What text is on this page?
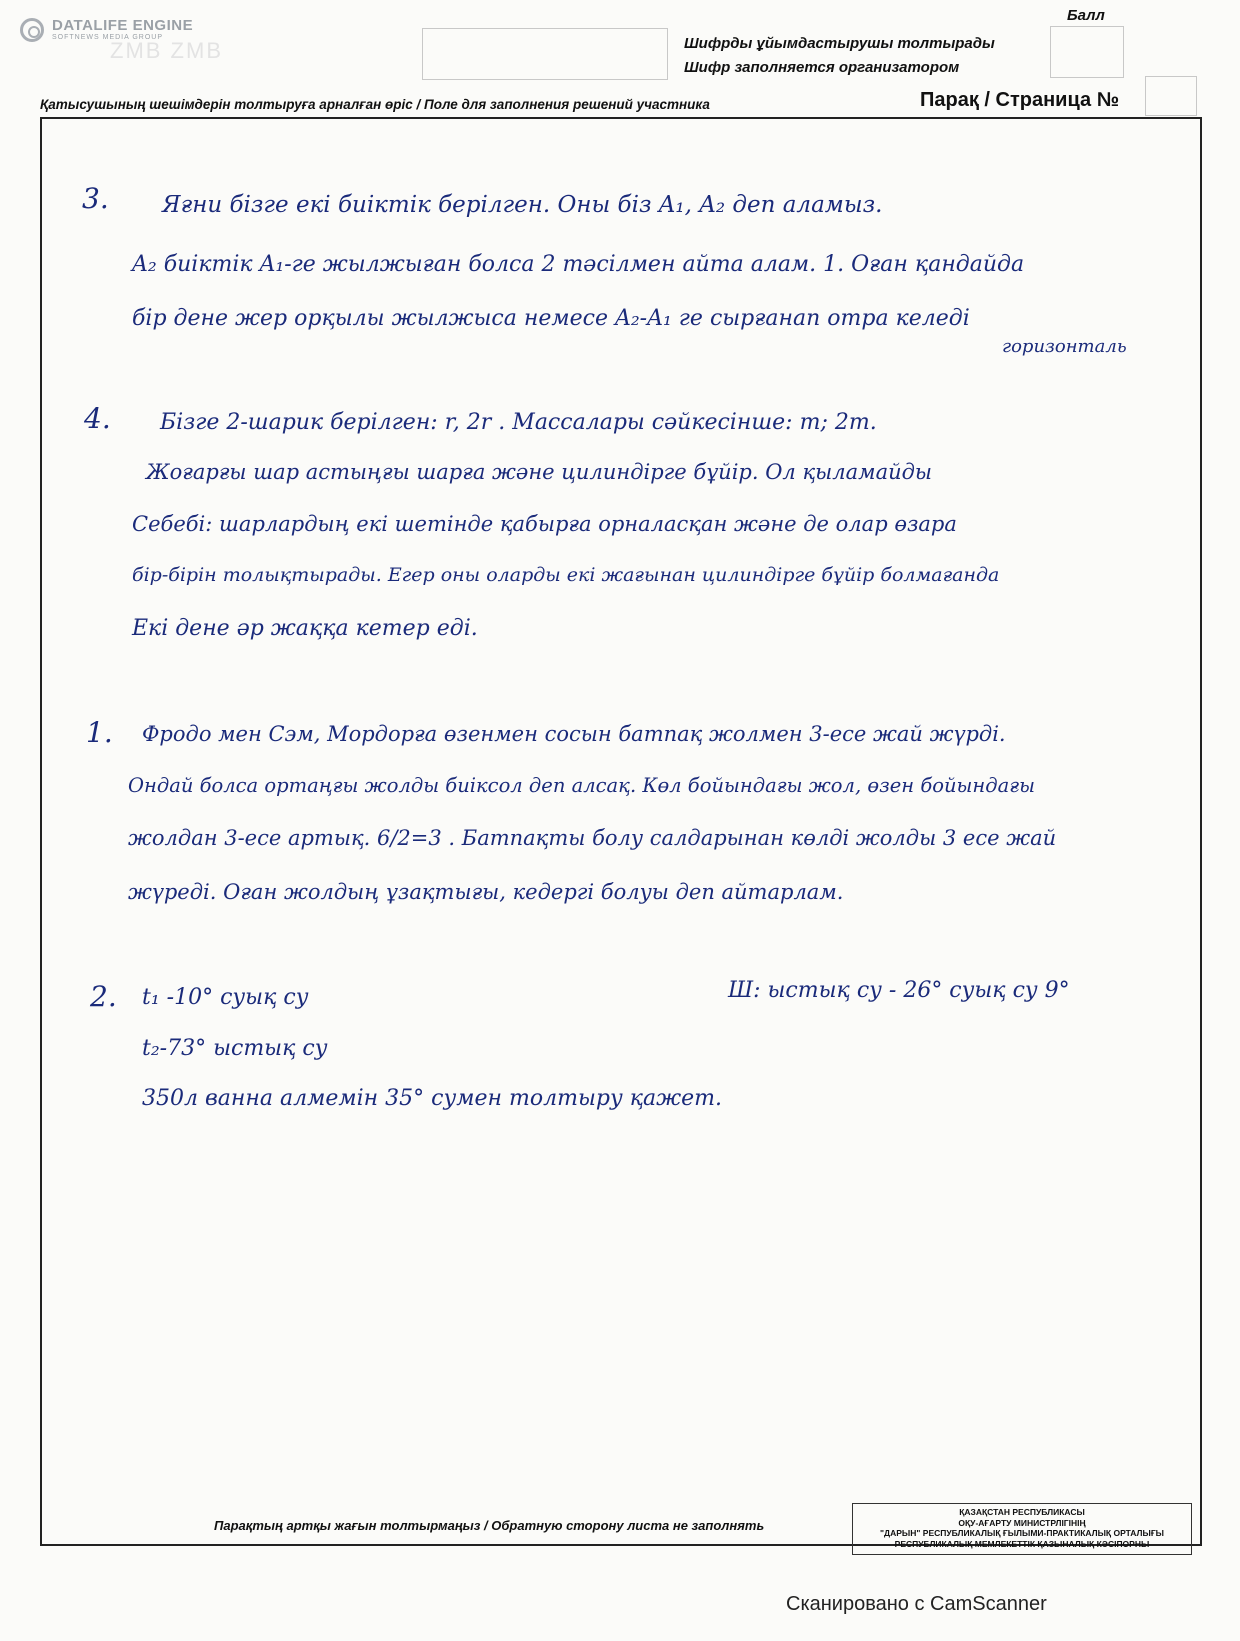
DATALIFE ENGINE
SOFTNEWS MEDIA GROUP
ZMB ZMB	Шифрды ұйымдастырушы толтырады
Шифр заполняется организатором
Балл
Қатысушының шешімдерін толтыруға арналған өріс / Поле для заполнения решений участника	Парақ / Страница №
3. Яғни бізге екі биіктік берілген. Оны біз A₁, A₂ деп аламыз.
A₂ биіктік A₁-ге жылжыған болса 2 тәсілмен айта алам. 1. Оған қандайда
бір дене жер орқылы жылжыса немесе A₂-A₁ ге сырғанап отра келеді
горизонталь
4. Бізге 2-шарик берілген: r, 2r . Массалары сәйкесінше: m; 2m.
Жоғарғы шар астыңғы шарға және цилиндірге бұйір. Ол қыламайды
Себебі: шарлардың екі шетінде қабырға орналасқан және де олар өзара
бір-бірін толықтырады. Егер оны оларды екі жағынан цилиндірге бұйір болмағанда
Екі дене әр жаққа кетер еді.
1. Фродо мен Сэм, Мордорға өзенмен сосын батпақ жолмен 3-есе жай жүрді.
Ондай болса ортаңғы жолды биіксол деп алсақ. Көл бойындағы жол, өзен бойындағы
жолдан 3-есе артық. 6/2=3 . Батпақты болу салдарынан көлді жолды 3 есе жай
жүреді. Оған жолдың ұзақтығы, кедергі болуы деп айтарлам.
2. t₁ -10° суық су
t₂-73° ыстық су
350л ванна алмемін 35° сумен толтыру қажет.
Ш: ыстық су - 26° суық су 9°
Парақтың артқы жағын толтырмаңыз / Обратную сторону листа не заполнять
ҚАЗАҚСТАН РЕСПУБЛИКАСЫ
ОҚУ-АҒАРТУ МИНИСТРЛІГІНІҢ
"ДАРЫН" РЕСПУБЛИКАЛЫҚ ҒЫЛЫМИ-ПРАКТИКАЛЫҚ ОРТАЛЫҒЫ
РЕСПУБЛИКАЛЫҚ МЕМЛЕКЕТТІК ҚАЗЫНАЛЫҚ КӘСІПОРНЫ
Сканировано с CamScanner
